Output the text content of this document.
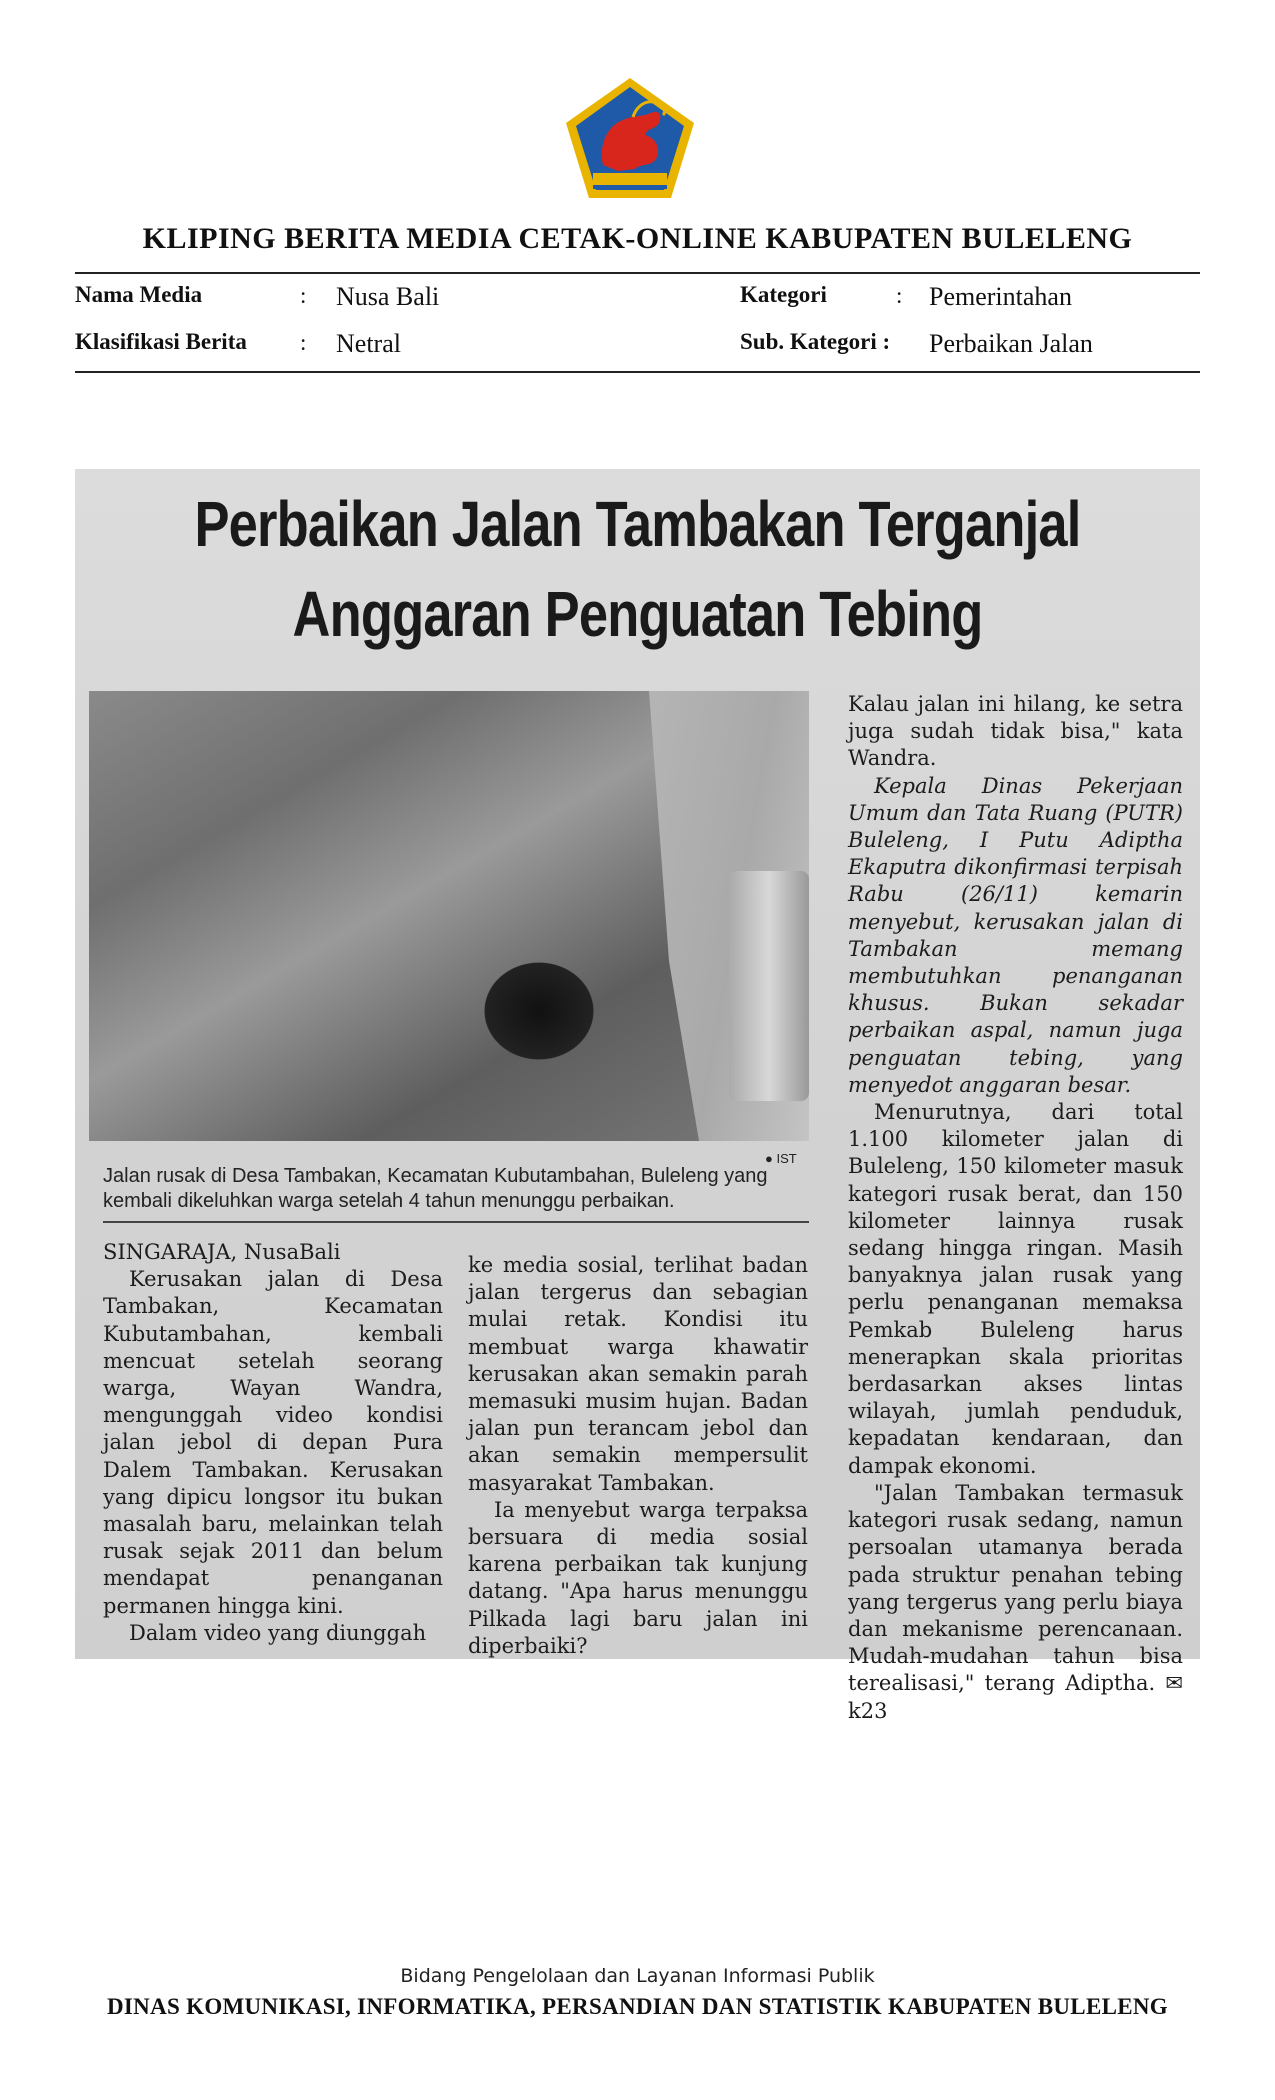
KLIPING BERITA MEDIA CETAK-ONLINE KABUPATEN BULELENG
Nama Media	: Nusa Bali	Kategori	: Pemerintahan
Klasifikasi Berita : Netral	Sub. Kategori : Perbaikan Jalan
Perbaikan Jalan Tambakan Terganjal
Anggaran Penguatan Tebing
● IST
Jalan rusak di Desa Tambakan, Kecamatan Kubutambahan, Buleleng yang kembali dikeluhkan warga setelah 4 tahun menunggu perbaikan.

SINGARAJA, NusaBali

Kerusakan jalan di Desa Tambakan, Kecamatan Kubutambahan, kembali mencuat setelah seorang warga, Wayan Wandra, mengunggah video kondisi jalan jebol di depan Pura Dalem Tambakan. Kerusakan yang dipicu longsor itu bukan masalah baru, melainkan telah rusak sejak 2011 dan belum mendapat penanganan permanen hingga kini.

Dalam video yang diunggah

ke media sosial, terlihat badan jalan tergerus dan sebagian mulai retak. Kondisi itu membuat warga khawatir kerusakan akan semakin parah memasuki musim hujan. Badan jalan pun terancam jebol dan akan semakin mempersulit masyarakat Tambakan.

Ia menyebut warga terpaksa bersuara di media sosial karena perbaikan tak kunjung datang. "Apa harus menunggu Pilkada lagi baru jalan ini diperbaiki?

Kalau jalan ini hilang, ke setra juga sudah tidak bisa," kata Wandra.

Kepala Dinas Pekerjaan Umum dan Tata Ruang (PUTR) Buleleng, I Putu Adiptha Ekaputra dikonfirmasi terpisah Rabu (26/11) kemarin menyebut, kerusakan jalan di Tambakan memang membutuhkan penanganan khusus. Bukan sekadar perbaikan aspal, namun juga penguatan tebing, yang menyedot anggaran besar.

Menurutnya, dari total 1.100 kilometer jalan di Buleleng, 150 kilometer masuk kategori rusak berat, dan 150 kilometer lainnya rusak sedang hingga ringan. Masih banyaknya jalan rusak yang perlu penanganan memaksa Pemkab Buleleng harus menerapkan skala prioritas berdasarkan akses lintas wilayah, jumlah penduduk, kepadatan kendaraan, dan dampak ekonomi.

"Jalan Tambakan termasuk kategori rusak sedang, namun persoalan utamanya berada pada struktur penahan tebing yang tergerus yang perlu biaya dan mekanisme perencanaan. Mudah-mudahan tahun bisa terealisasi," terang Adiptha. ✉ k23

Bidang Pengelolaan dan Layanan Informasi Publik
DINAS KOMUNIKASI, INFORMATIKA, PERSANDIAN DAN STATISTIK KABUPATEN BULELENG
